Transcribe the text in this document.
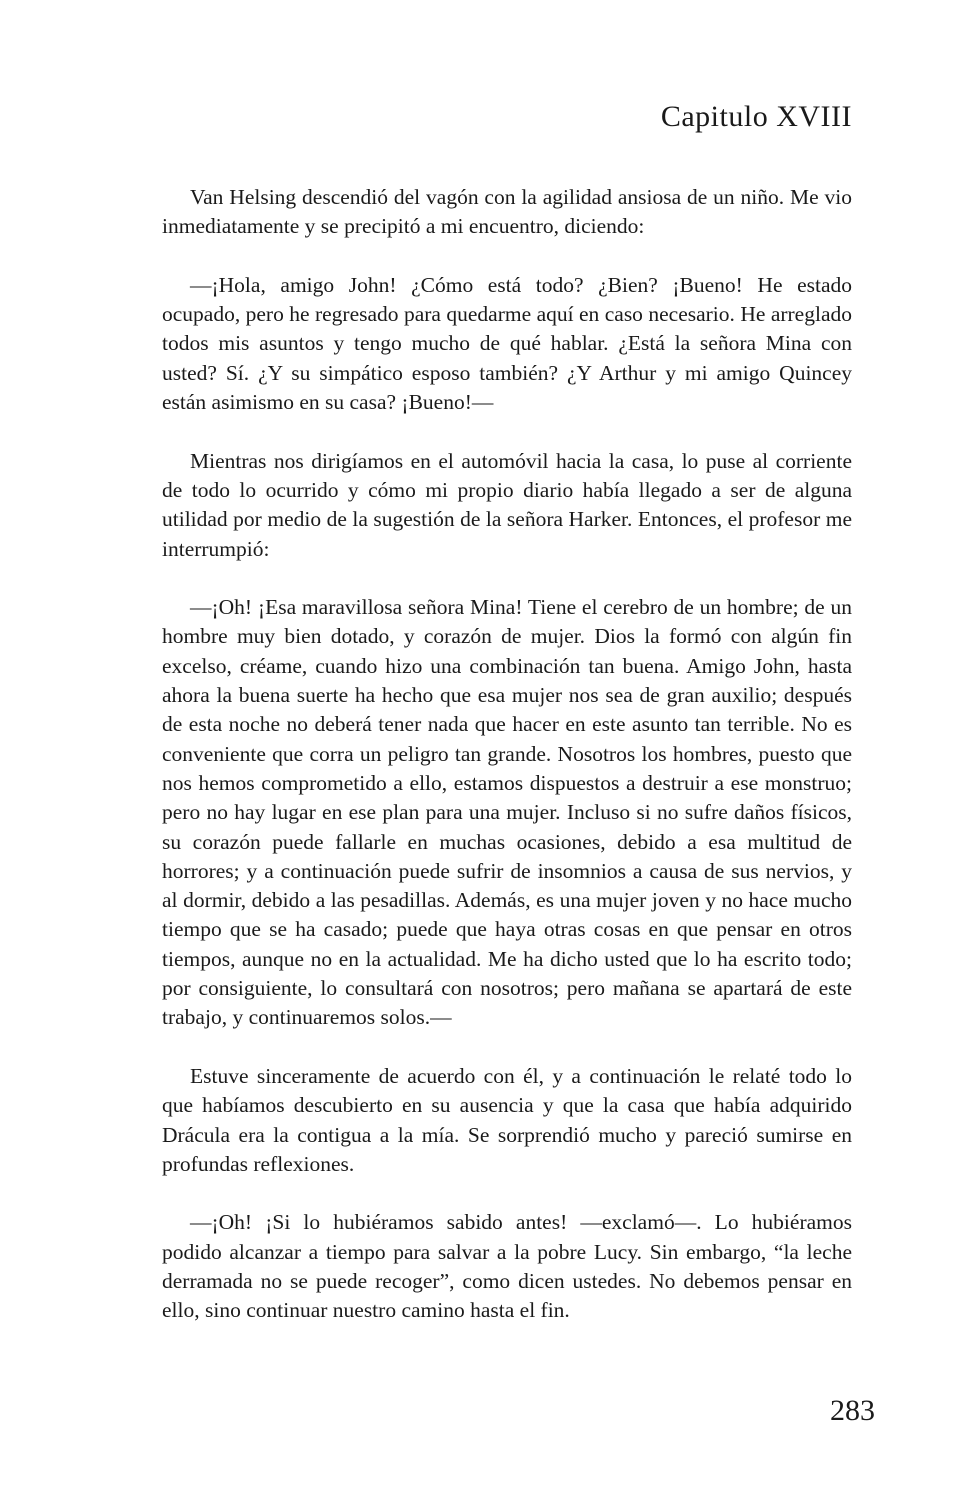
Capitulo XVIII

Van Helsing descendió del vagón con la agilidad ansiosa de un niño. Me vio inmediatamente y se precipitó a mi encuentro, diciendo:

—¡Hola, amigo John! ¿Cómo está todo? ¿Bien? ¡Bueno! He estado ocupado, pero he regresado para quedarme aquí en caso necesario. He arreglado todos mis asuntos y tengo mucho de qué hablar. ¿Está la señora Mina con usted? Sí. ¿Y su simpático esposo también? ¿Y Arthur y mi amigo Quincey están asimismo en su casa? ¡Bueno!—

Mientras nos dirigíamos en el automóvil hacia la casa, lo puse al corriente de todo lo ocurrido y cómo mi propio diario había llegado a ser de alguna utilidad por medio de la sugestión de la señora Harker. Entonces, el profesor me interrumpió:

—¡Oh! ¡Esa maravillosa señora Mina! Tiene el cerebro de un hombre; de un hombre muy bien dotado, y corazón de mujer. Dios la formó con algún fin excelso, créame, cuando hizo una combinación tan buena. Amigo John, hasta ahora la buena suerte ha hecho que esa mujer nos sea de gran auxilio; después de esta noche no deberá tener nada que hacer en este asunto tan terrible. No es conveniente que corra un peligro tan grande. Nosotros los hombres, puesto que nos hemos comprometido a ello, estamos dispuestos a destruir a ese monstruo; pero no hay lugar en ese plan para una mujer. Incluso si no sufre daños físicos, su corazón puede fallarle en muchas ocasiones, debido a esa multitud de horrores; y a continuación puede sufrir de insomnios a causa de sus nervios, y al dormir, debido a las pesadillas. Además, es una mujer joven y no hace mucho tiempo que se ha casado; puede que haya otras cosas en que pensar en otros tiempos, aunque no en la actualidad. Me ha dicho usted que lo ha escrito todo; por consiguiente, lo consultará con nosotros; pero mañana se apartará de este trabajo, y continuaremos solos.—

Estuve sinceramente de acuerdo con él, y a continuación le relaté todo lo que habíamos descubierto en su ausencia y que la casa que había adquirido Drácula era la contigua a la mía. Se sorprendió mucho y pareció sumirse en profundas reflexiones.

—¡Oh! ¡Si lo hubiéramos sabido antes! —exclamó—. Lo hubiéramos podido alcanzar a tiempo para salvar a la pobre Lucy. Sin embargo, “la leche derramada no se puede recoger”, como dicen ustedes. No debemos pensar en ello, sino continuar nuestro camino hasta el fin.

283
